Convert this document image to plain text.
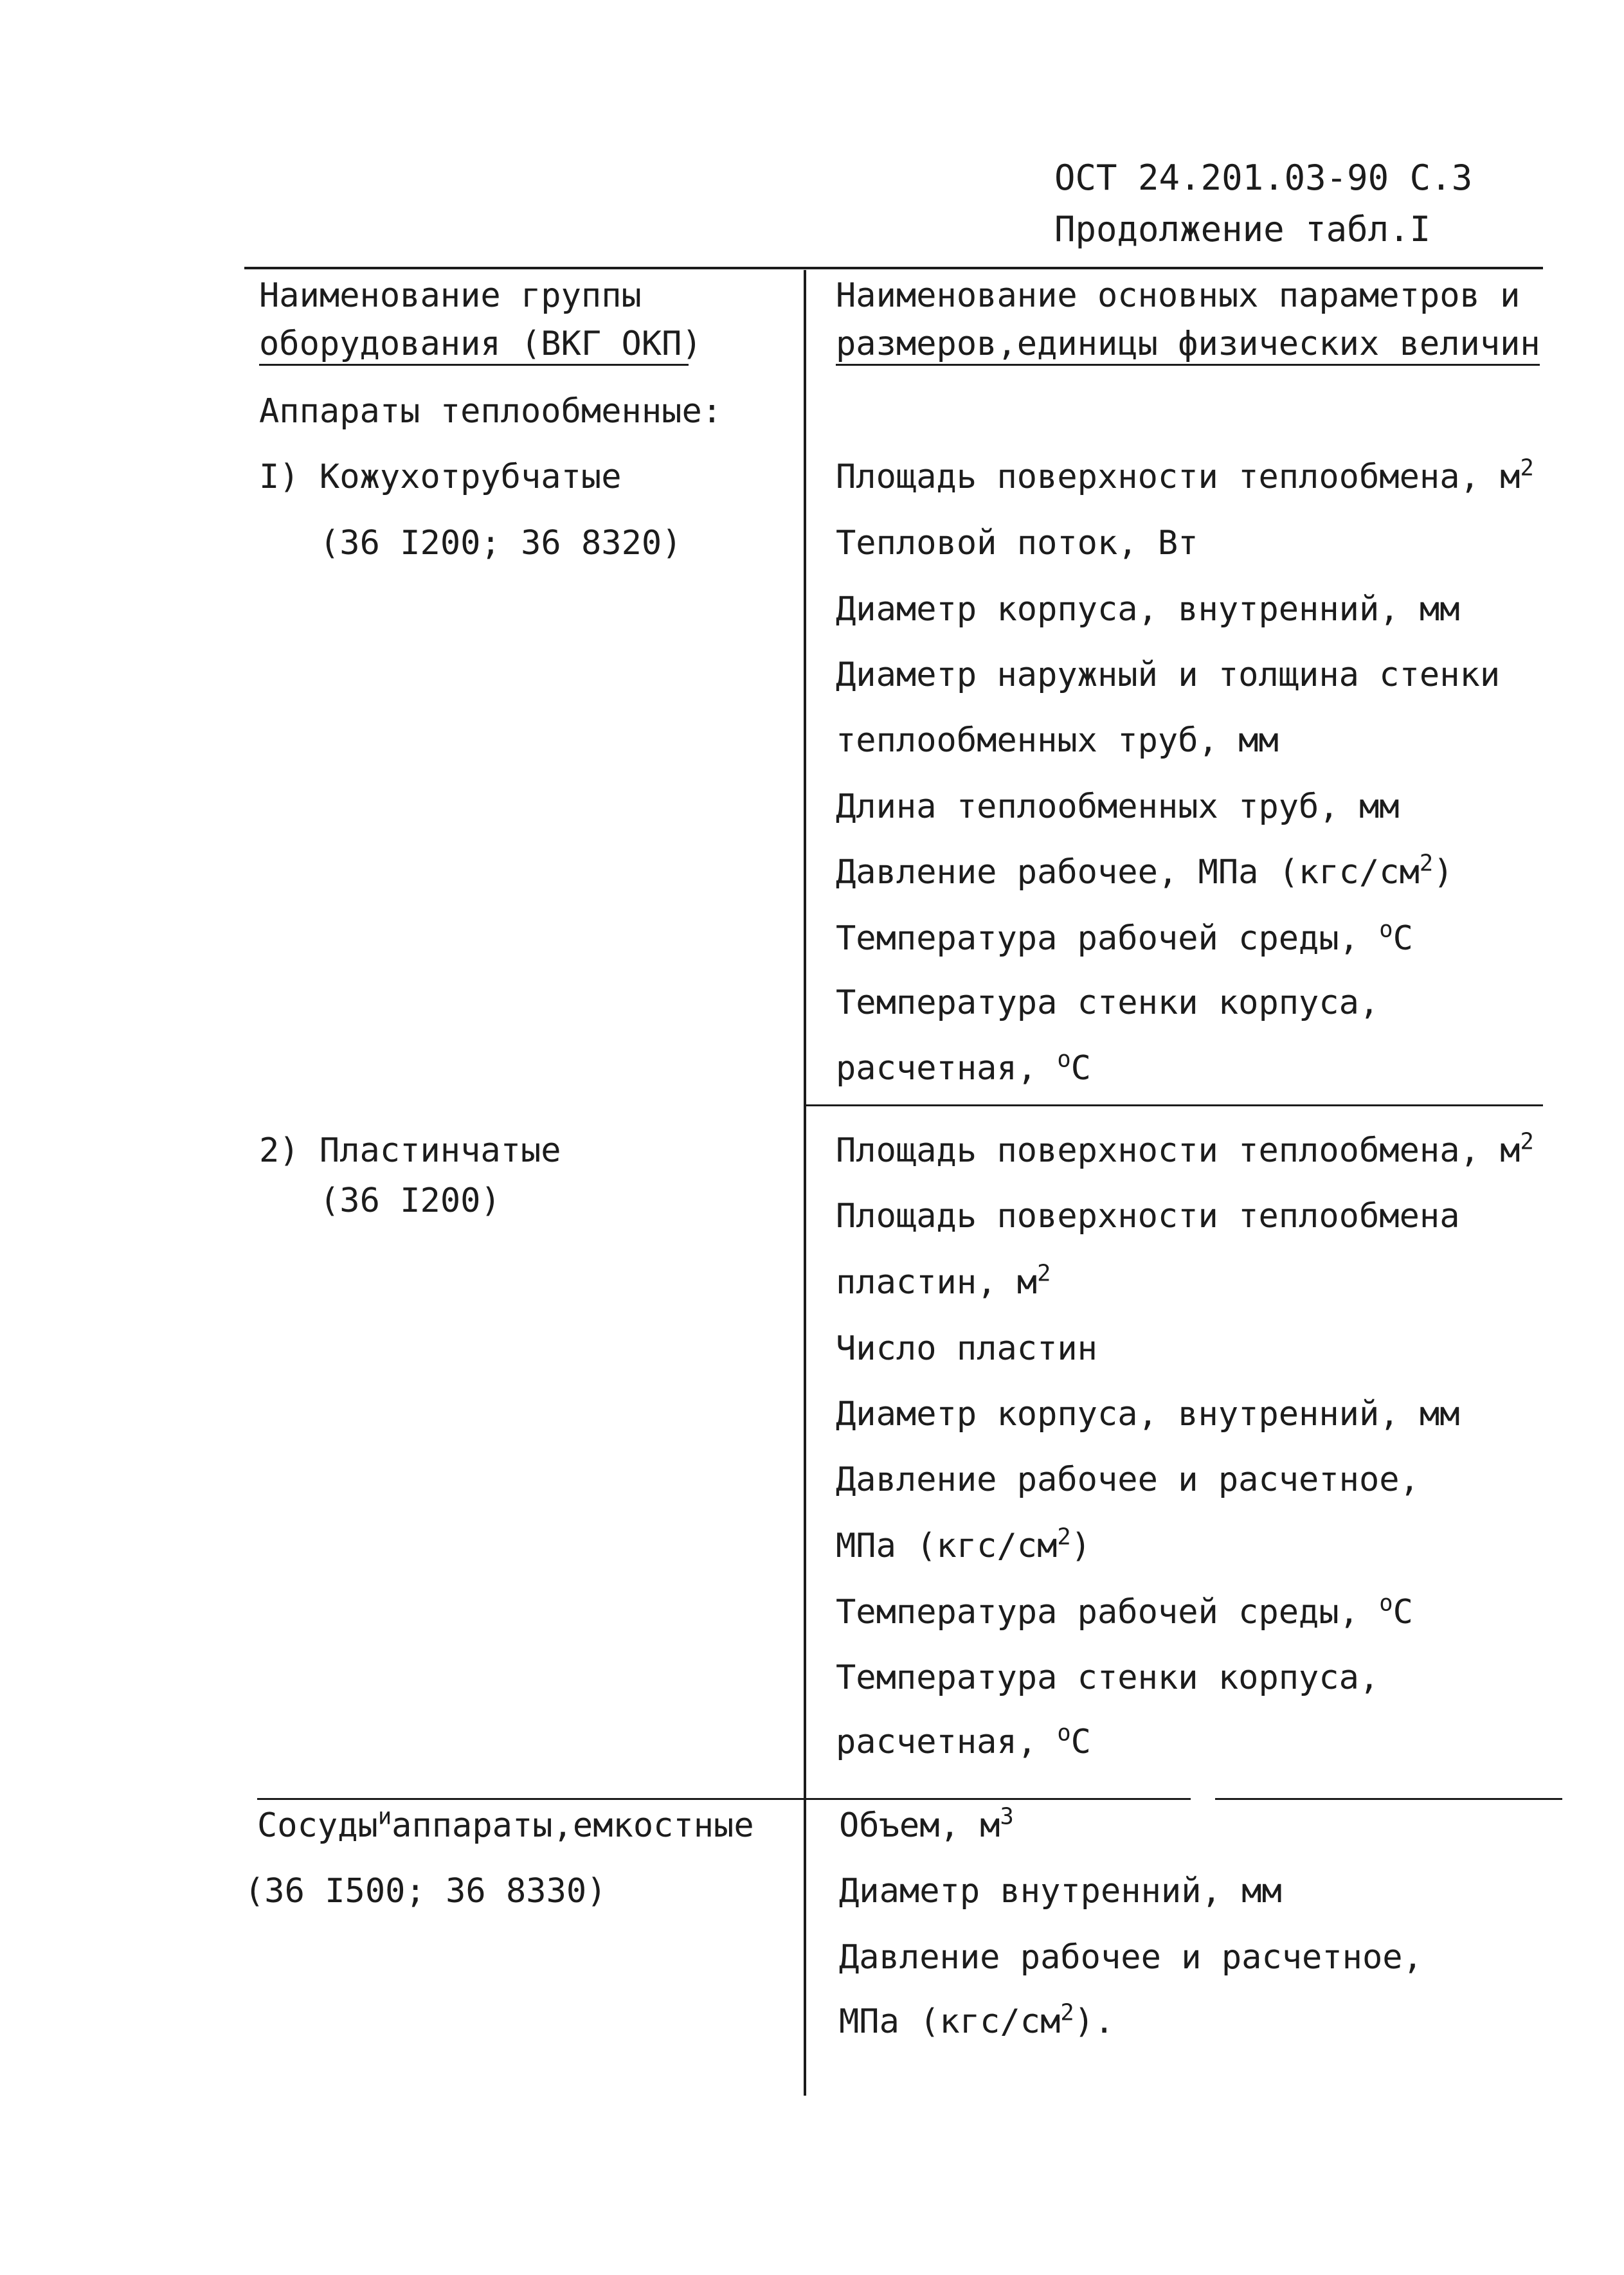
ОСТ 24.201.03-90 С.3
Продолжение табл.I
Наименование группы
оборудования (ВКГ ОКП)
Наименование основных параметров и
размеров,единицы физических величин
Аппараты теплообменные:
I) Кожухотрубчатые
(36 I200; 36 8320)
Площадь поверхности теплообмена, $м^2$
Тепловой поток, Вт
Диаметр корпуса, внутренний, мм
Диаметр наружный и толщина стенки
теплообменных труб, мм
Длина теплообменных труб, мм
Давление рабочее, МПа $(кгс/см^2)$
Температура рабочей среды, $^о$С
Температура стенки корпуса,
расчетная, $^о$С
2) Пластинчатые
(36 I200)
Площадь поверхности теплообмена, $м^2$
Площадь поверхности теплообмена
пластин, $м^2$
Число пластин
Диаметр корпуса, внутренний, мм
Давление рабочее и расчетное,
МПа $(кгс/см^2)$
Температура рабочей среды, $^о$С
Температура стенки корпуса,
расчетная, $^о$С
Сосуды$^и$аппараты,емкостные
(36 I500; 36 8330)
Объем, $м^3$
Диаметр внутренний, мм
Давление рабочее и расчетное,
МПа $(кгс/см^2)$.
